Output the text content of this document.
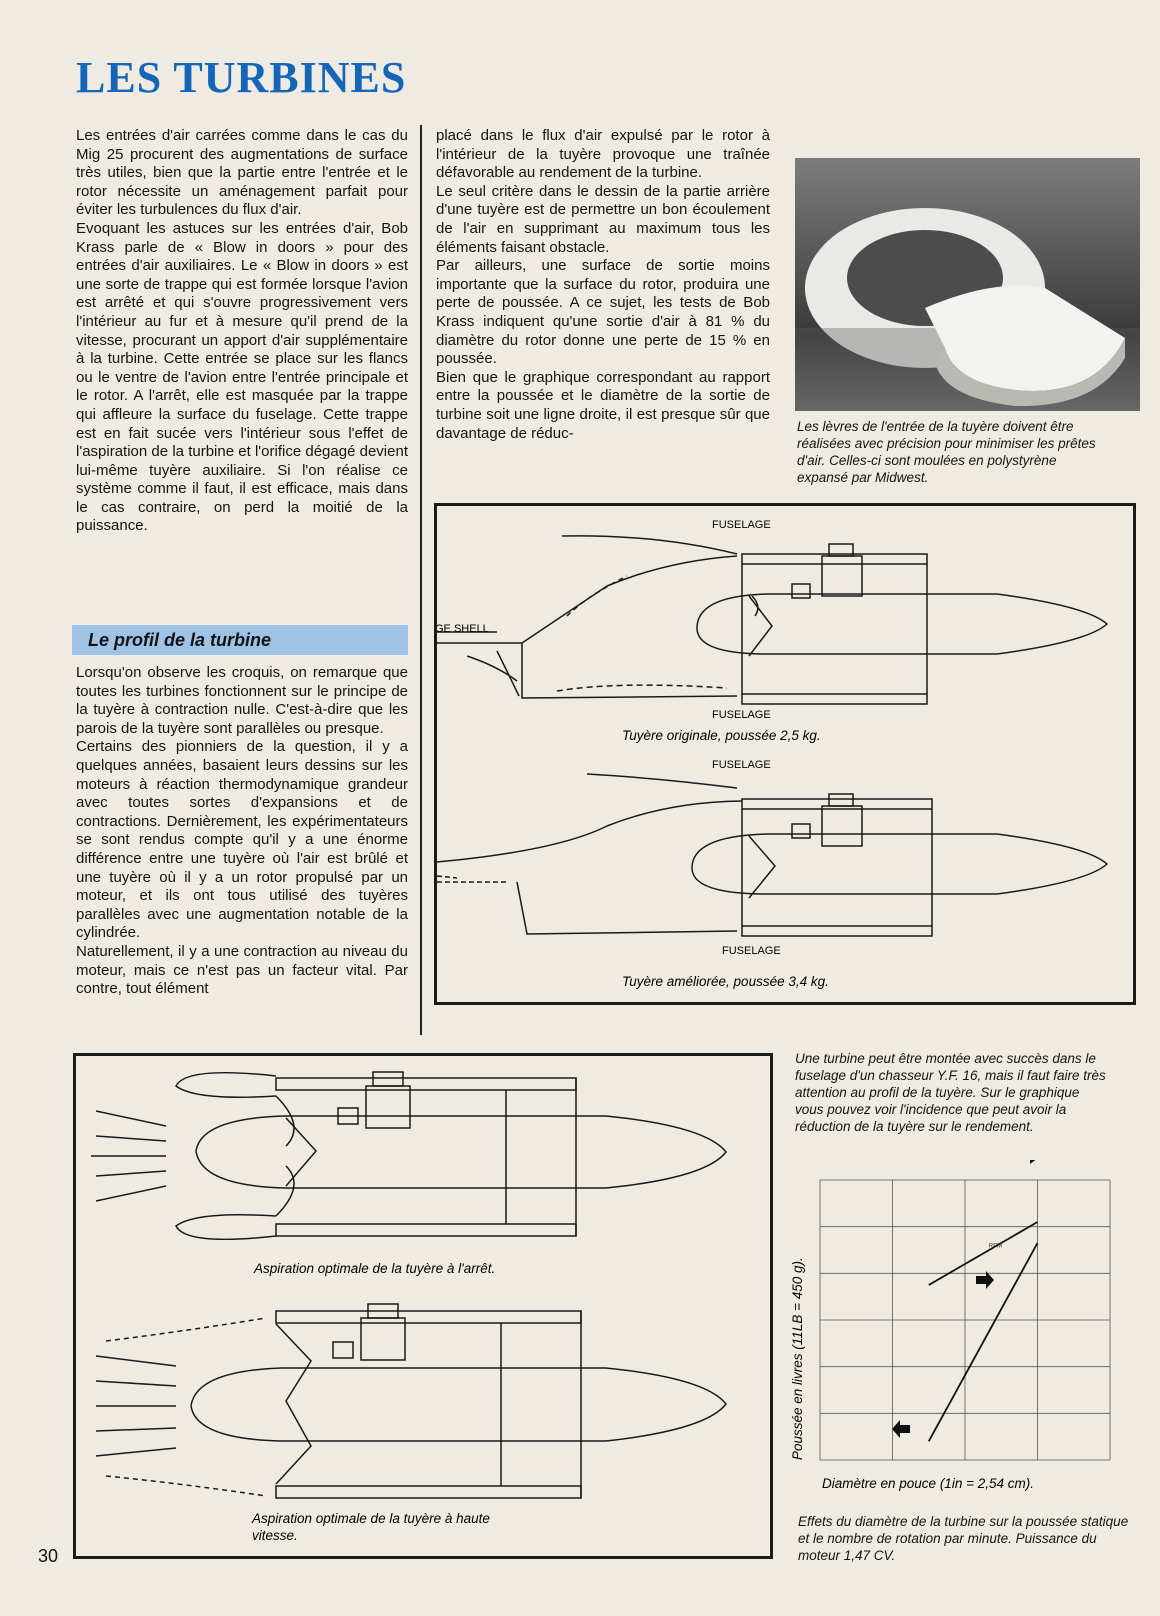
LES TURBINES

Les entrées d'air carrées comme dans le cas du Mig 25 procurent des augmentations de surface très utiles, bien que la partie entre l'entrée et le rotor nécessite un aménagement parfait pour éviter les turbulences du flux d'air.

Evoquant les astuces sur les entrées d'air, Bob Krass parle de « Blow in doors » pour des entrées d'air auxiliaires. Le « Blow in doors » est une sorte de trappe qui est formée lorsque l'avion est arrêté et qui s'ouvre progressivement vers l'intérieur au fur et à mesure qu'il prend de la vitesse, procurant un apport d'air supplémentaire à la turbine. Cette entrée se place sur les flancs ou le ventre de l'avion entre l'entrée principale et le rotor. A l'arrêt, elle est masquée par la trappe qui affleure la surface du fuselage. Cette trappe est en fait sucée vers l'intérieur sous l'effet de l'aspiration de la turbine et l'orifice dégagé devient lui-même tuyère auxiliaire. Si l'on réalise ce système comme il faut, il est efficace, mais dans le cas contraire, on perd la moitié de la puissance.

Le profil de la turbine

Lorsqu'on observe les croquis, on remarque que toutes les turbines fonctionnent sur le principe de la tuyère à contraction nulle. C'est-à-dire que les parois de la tuyère sont parallèles ou presque.

Certains des pionniers de la question, il y a quelques années, basaient leurs dessins sur les moteurs à réaction thermodynamique grandeur avec toutes sortes d'expansions et de contractions. Dernièrement, les expérimentateurs se sont rendus compte qu'il y a une énorme différence entre une tuyère où l'air est brûlé et une tuyère où il y a un rotor propulsé par un moteur, et ils ont tous utilisé des tuyères parallèles avec une augmentation notable de la cylindrée.

Naturellement, il y a une contraction au niveau du moteur, mais ce n'est pas un facteur vital. Par contre, tout élément

placé dans le flux d'air expulsé par le rotor à l'intérieur de la tuyère provoque une traînée défavorable au rendement de la turbine.

Le seul critère dans le dessin de la partie arrière d'une tuyère est de permettre un bon écoulement de l'air en supprimant au maximum tous les éléments faisant obstacle.

Par ailleurs, une surface de sortie moins importante que la surface du rotor, produira une perte de poussée. A ce sujet, les tests de Bob Krass indiquent qu'une sortie d'air à 81 % du diamètre du rotor donne une perte de 15 % en poussée.

Bien que le graphique correspondant au rapport entre la poussée et le diamètre de la sortie de turbine soit une ligne droite, il est presque sûr que davantage de réduc-	Les lèvres de l'entrée de la tuyère doivent être réalisées avec précision pour minimiser les prêtes d'air. Celles-ci sont moulées en polystyrène expansé par Midwest.
FUSELAGE
GE SHELL
FUSELAGE
Tuyère originale, poussée 2,5 kg.
FUSELAGE
FUSELAGE
Tuyère améliorée, poussée 3,4 kg.
Aspiration optimale de la tuyère à l'arrêt.
Aspiration optimale de la tuyère à haute
vitesse.
Une turbine peut être montée avec succès dans le fuselage d'un chasseur Y.F. 16, mais il faut faire très attention au profil de la tuyère. Sur le graphique vous pouvez voir l'incidence que peut avoir la réduction de la tuyère sur le rendement.
Poussée en livres (11LB = 450 g).
Diamètre en pouce (1in = 2,54 cm).
RPM
Effets du diamètre de la turbine sur la poussée statique et le nombre de rotation par minute. Puissance du moteur 1,47 CV.
30
